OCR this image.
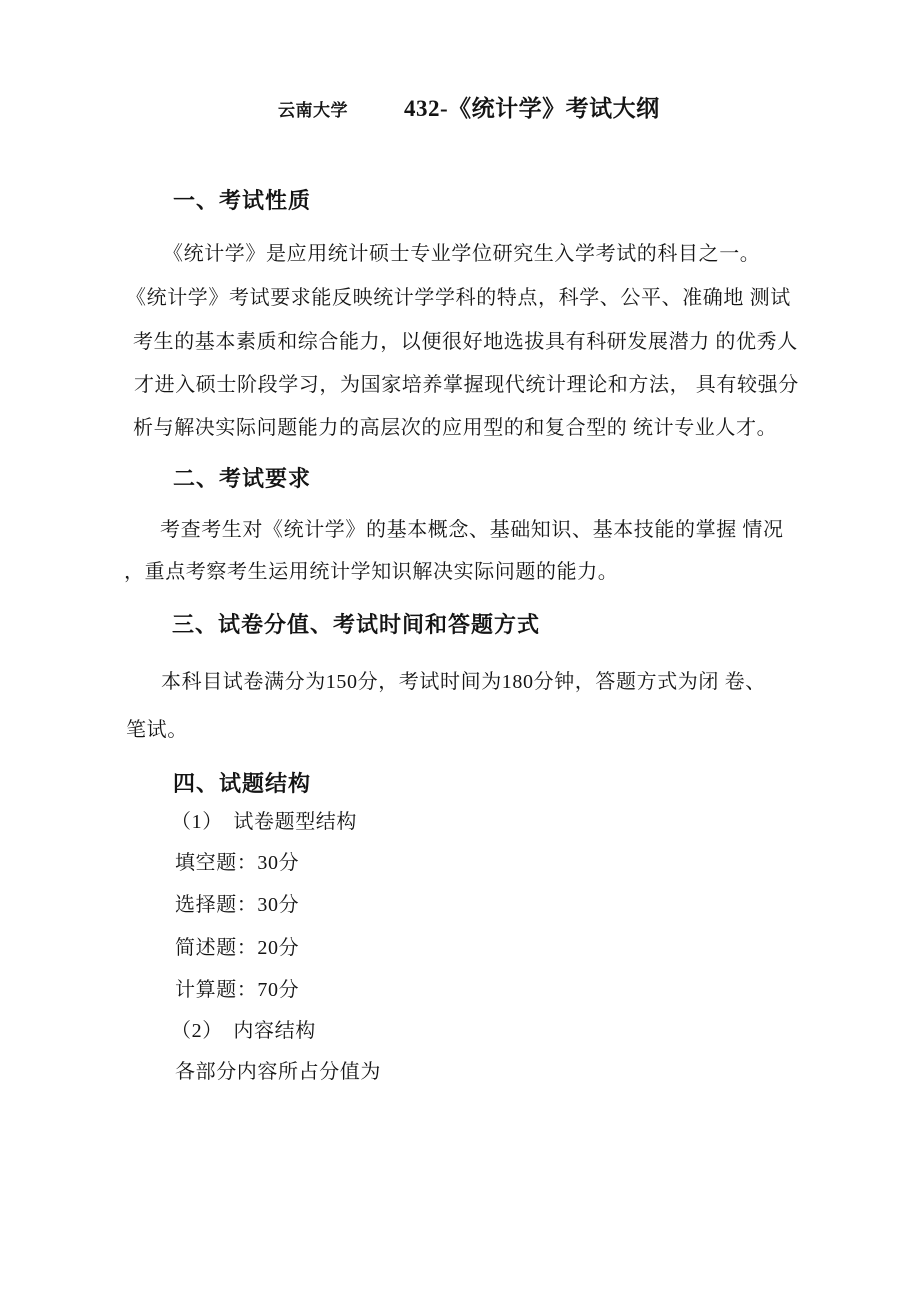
云南大学 432-《统计学》考试大纲
一、考试性质
《统计学》是应用统计硕士专业学位研究生入学考试的科目之一。
《统计学》考试要求能反映统计学学科的特点，科学、公平、准确地 测试
考生的基本素质和综合能力，以便很好地选拔具有科研发展潜力 的优秀人
才进入硕士阶段学习，为国家培养掌握现代统计理论和方法， 具有较强分
析与解决实际问题能力的高层次的应用型的和复合型的 统计专业人才。
二、考试要求
考查考生对《统计学》的基本概念、基础知识、基本技能的掌握 情况
，重点考察考生运用统计学知识解决实际问题的能力。
三、试卷分值、考试时间和答题方式
本科目试卷满分为150分，考试时间为180分钟，答题方式为闭 卷、
笔试。
四、试题结构
（1）　试卷题型结构
填空题：30分
选择题：30分
简述题：20分
计算题：70分
（2）　内容结构
各部分内容所占分值为
